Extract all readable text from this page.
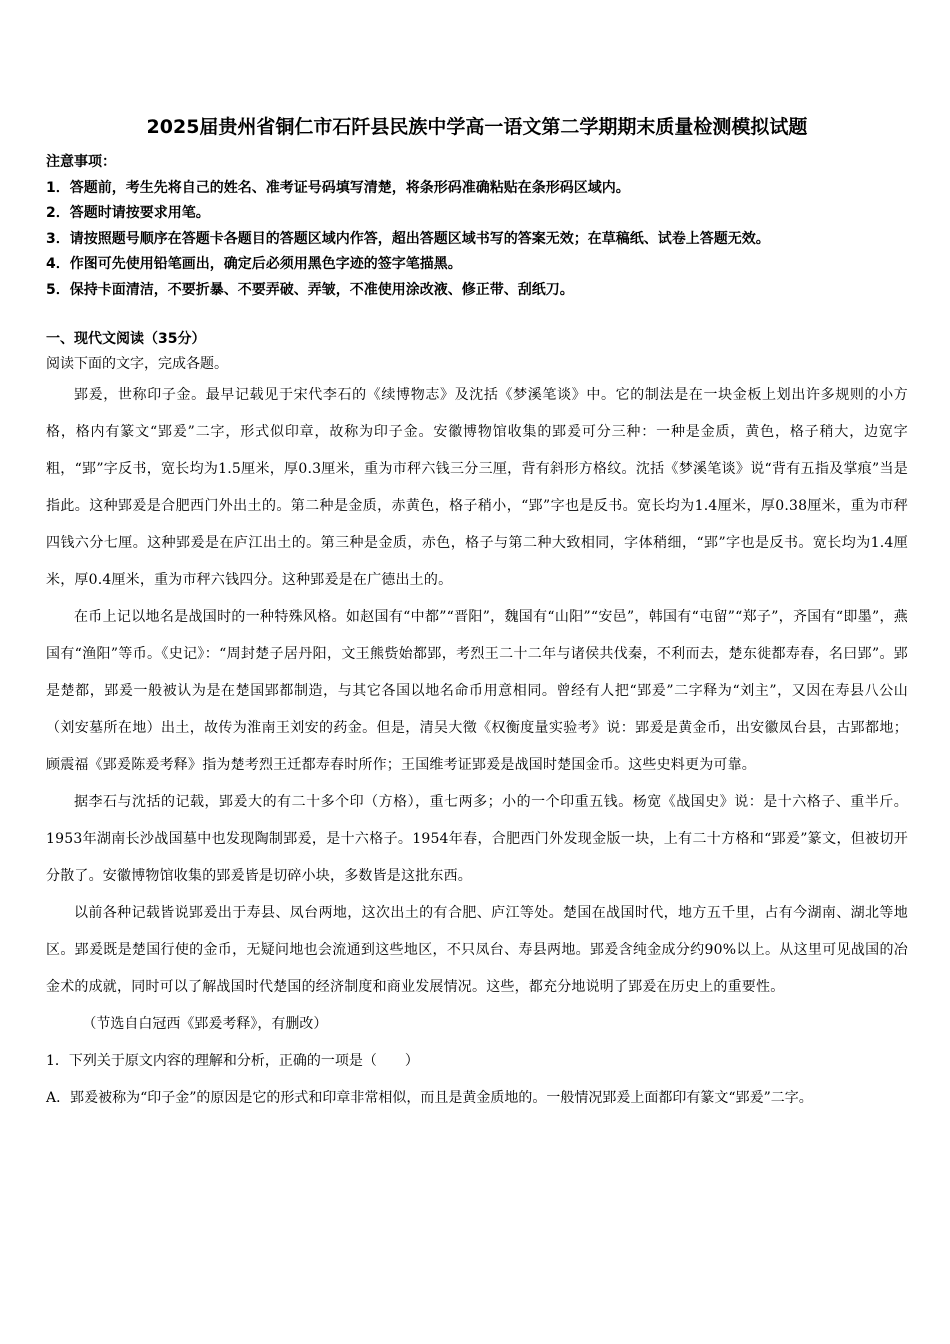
2025届贵州省铜仁市石阡县民族中学高一语文第二学期期末质量检测模拟试题
注意事项：
1．答题前，考生先将自己的姓名、准考证号码填写清楚，将条形码准确粘贴在条形码区域内。
2．答题时请按要求用笔。
3．请按照题号顺序在答题卡各题目的答题区域内作答，超出答题区域书写的答案无效；在草稿纸、试卷上答题无效。
4．作图可先使用铅笔画出，确定后必须用黑色字迹的签字笔描黑。
5．保持卡面清洁，不要折暴、不要弄破、弄皱，不准使用涂改液、修正带、刮纸刀。
一、现代文阅读（35分）
阅读下面的文字，完成各题。

郢爰，世称印子金。最早记载见于宋代李石的《续博物志》及沈括《梦溪笔谈》中。它的制法是在一块金板上划出许多规则的小方格，格内有篆文“郢爰”二字，形式似印章，故称为印子金。安徽博物馆收集的郢爰可分三种：一种是金质，黄色，格子稍大，边宽字粗，“郢”字反书，宽长均为1.5厘米，厚0.3厘米，重为市秤六钱三分三厘，背有斜形方格纹。沈括《梦溪笔谈》说“背有五指及掌痕”当是指此。这种郢爰是合肥西门外出土的。第二种是金质，赤黄色，格子稍小，“郢”字也是反书。宽长均为1.4厘米，厚0.38厘米，重为市秤四钱六分七厘。这种郢爰是在庐江出土的。第三种是金质，赤色，格子与第二种大致相同，字体稍细，“郢”字也是反书。宽长均为1.4厘米，厚0.4厘米，重为市秤六钱四分。这种郢爰是在广德出土的。

在币上记以地名是战国时的一种特殊风格。如赵国有“中都”“晋阳”，魏国有“山阳”“安邑”，韩国有“屯留”“郑子”，齐国有“即墨”，燕国有“渔阳”等币。《史记》：“周封楚子居丹阳，文王熊赀始都郢，考烈王二十二年与诸侯共伐秦，不利而去，楚东徙都寿春，名曰郢”。郢是楚都，郢爰一般被认为是在楚国郢都制造，与其它各国以地名命币用意相同。曾经有人把“郢爰”二字释为“刘主”，又因在寿县八公山（刘安墓所在地）出土，故传为淮南王刘安的药金。但是，清吴大徵《权衡度量实验考》说：郢爰是黄金币，出安徽凤台县，古郢都地；顾震福《郢爰陈爰考释》指为楚考烈王迁都寿春时所作；王国维考证郢爰是战国时楚国金币。这些史料更为可靠。

据李石与沈括的记载，郢爰大的有二十多个印（方格），重七两多；小的一个印重五钱。杨宽《战国史》说：是十六格子、重半斤。1953年湖南长沙战国墓中也发现陶制郢爰，是十六格子。1954年春，合肥西门外发现金版一块，上有二十方格和“郢爰”篆文，但被切开分散了。安徽博物馆收集的郢爰皆是切碎小块，多数皆是这批东西。

以前各种记载皆说郢爰出于寿县、凤台两地，这次出土的有合肥、庐江等处。楚国在战国时代，地方五千里，占有今湖南、湖北等地区。郢爰既是楚国行使的金币，无疑问地也会流通到这些地区，不只凤台、寿县两地。郢爰含纯金成分约90%以上。从这里可见战国的冶金术的成就，同时可以了解战国时代楚国的经济制度和商业发展情况。这些，都充分地说明了郢爰在历史上的重要性。

（节选自白冠西《郢爰考释》，有删改）

1．下列关于原文内容的理解和分析，正确的一项是（　　）

A．郢爰被称为“印子金”的原因是它的形式和印章非常相似，而且是黄金质地的。一般情况郢爰上面都印有篆文“郢爰”二字。
